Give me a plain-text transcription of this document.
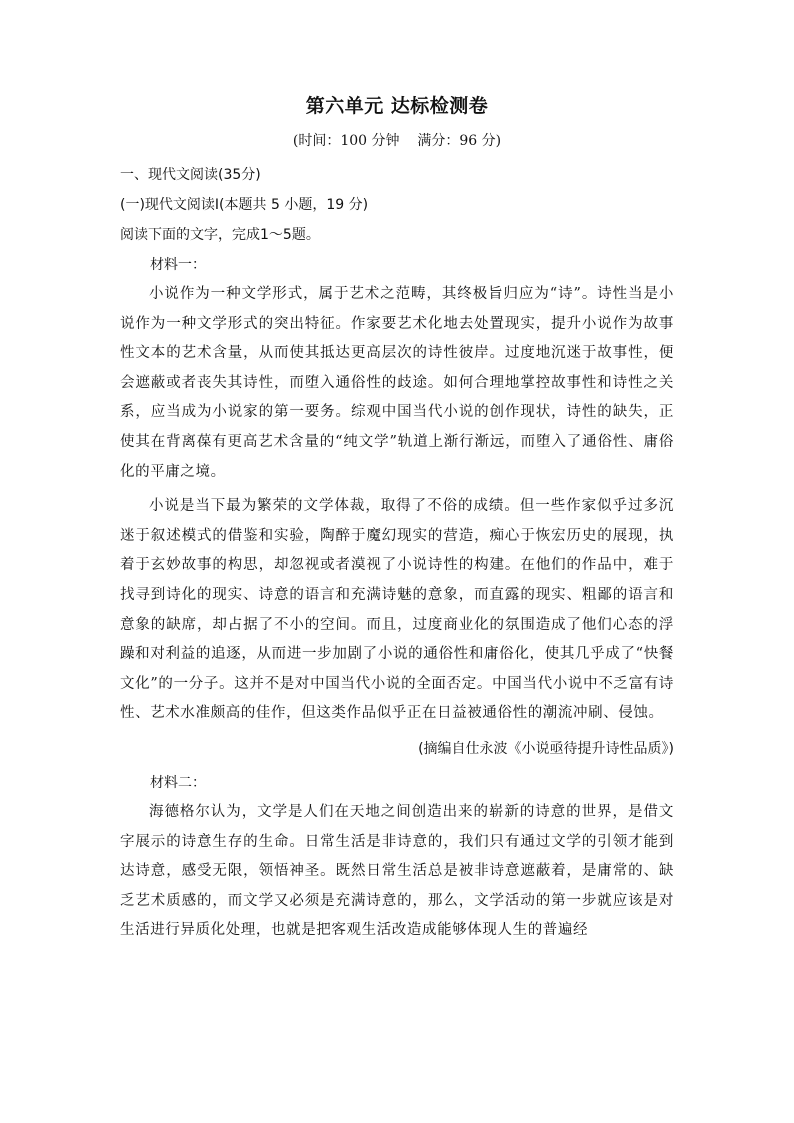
第六单元 达标检测卷
(时间：100 分钟    满分：96 分)

一、现代文阅读(35分)

(一)现代文阅读Ⅰ(本题共 5 小题，19 分)

阅读下面的文字，完成1～5题。

材料一：

小说作为一种文学形式，属于艺术之范畴，其终极旨归应为“诗”。诗性当是小说作为一种文学形式的突出特征。作家要艺术化地去处置现实，提升小说作为故事性文本的艺术含量，从而使其抵达更高层次的诗性彼岸。过度地沉迷于故事性，便会遮蔽或者丧失其诗性，而堕入通俗性的歧途。如何合理地掌控故事性和诗性之关系，应当成为小说家的第一要务。综观中国当代小说的创作现状，诗性的缺失，正使其在背离葆有更高艺术含量的“纯文学”轨道上渐行渐远，而堕入了通俗性、庸俗化的平庸之境。

小说是当下最为繁荣的文学体裁，取得了不俗的成绩。但一些作家似乎过多沉迷于叙述模式的借鉴和实验，陶醉于魔幻现实的营造，痴心于恢宏历史的展现，执着于玄妙故事的构思，却忽视或者漠视了小说诗性的构建。在他们的作品中，难于找寻到诗化的现实、诗意的语言和充满诗魅的意象，而直露的现实、粗鄙的语言和意象的缺席，却占据了不小的空间。而且，过度商业化的氛围造成了他们心态的浮躁和对利益的追逐，从而进一步加剧了小说的通俗性和庸俗化，使其几乎成了“快餐文化”的一分子。这并不是对中国当代小说的全面否定。中国当代小说中不乏富有诗性、艺术水准颇高的佳作，但这类作品似乎正在日益被通俗性的潮流冲刷、侵蚀。

(摘编自仕永波《小说亟待提升诗性品质》)

材料二：

海德格尔认为，文学是人们在天地之间创造出来的崭新的诗意的世界，是借文字展示的诗意生存的生命。日常生活是非诗意的，我们只有通过文学的引领才能到达诗意，感受无限，领悟神圣。既然日常生活总是被非诗意遮蔽着，是庸常的、缺乏艺术质感的，而文学又必须是充满诗意的，那么，文学活动的第一步就应该是对生活进行异质化处理，也就是把客观生活改造成能够体现人生的普遍经
